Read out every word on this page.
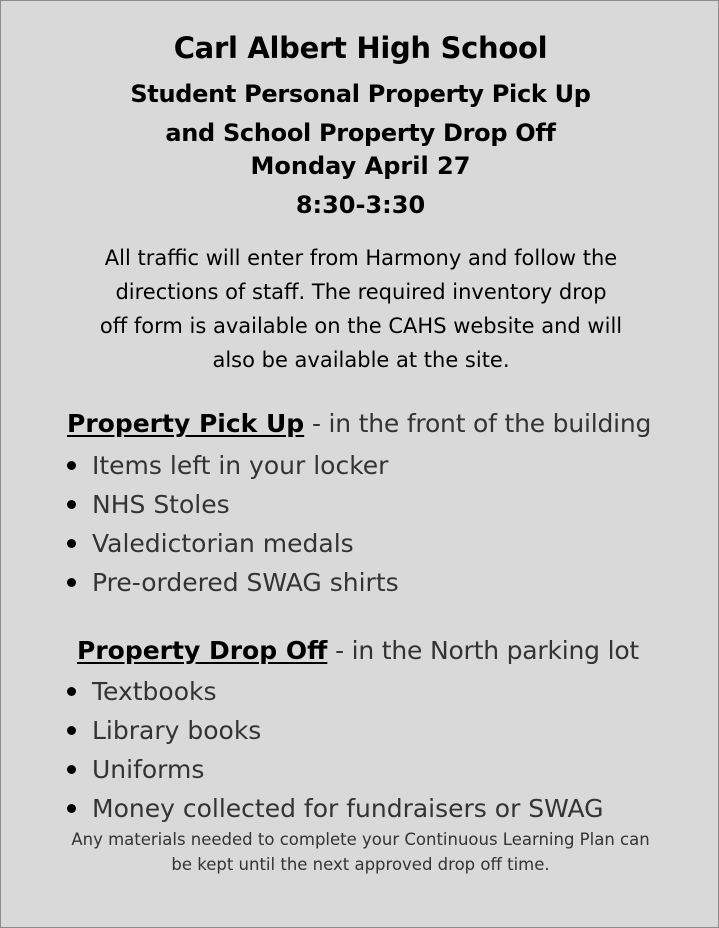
Carl Albert High School
Student Personal Property Pick Up
and School Property Drop Off
Monday April 27
8:30-3:30
All traffic will enter from Harmony and follow the
directions of staff. The required inventory drop
off form is available on the CAHS website and will
also be available at the site.
Property Pick Up - in the front of the building
Items left in your locker
NHS Stoles
Valedictorian medals
Pre-ordered SWAG shirts
Property Drop Off - in the North parking lot
Textbooks
Library books
Uniforms
Money collected for fundraisers or SWAG
Any materials needed to complete your Continuous Learning Plan can
be kept until the next approved drop off time.
